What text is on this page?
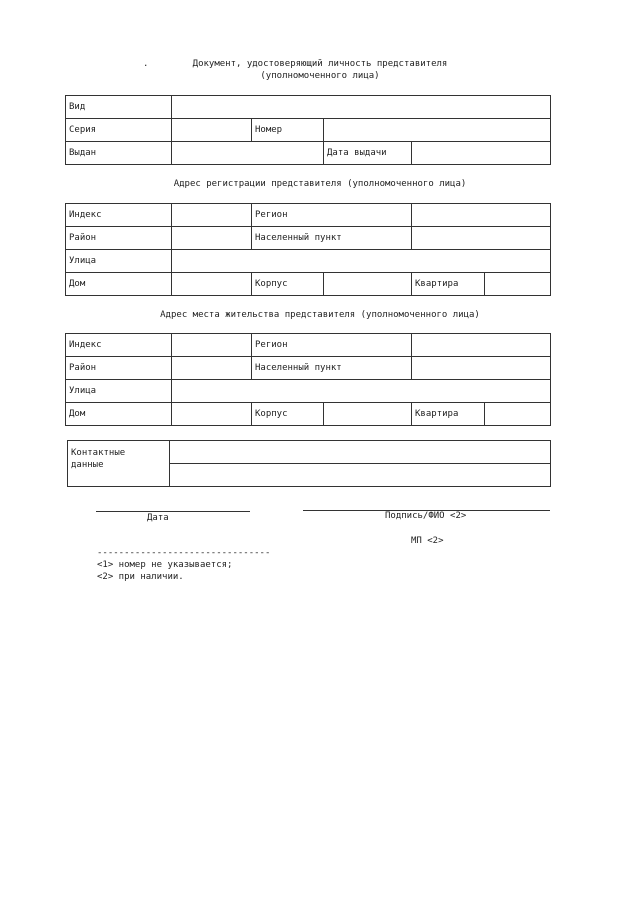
.	Документ, удостоверяющий личность представителя
(уполномоченного лица)
Вид				
Серия		Номер		
Выдан			Дата выдачи	
Адрес регистрации представителя (уполномоченного лица)
Индекс		Регион			
Район		Населенный пункт			
Улица					
Дом		Корпус		Квартира	
Адрес места жительства представителя (уполномоченного лица)
Индекс		Регион			
Район		Населенный пункт			
Улица					
Дом		Корпус		Квартира	
Контактные
данные

Дата	Подпись/ФИО <2>
МП <2>
--------------------------------
<1> номер не указывается;
<2> при наличии.
